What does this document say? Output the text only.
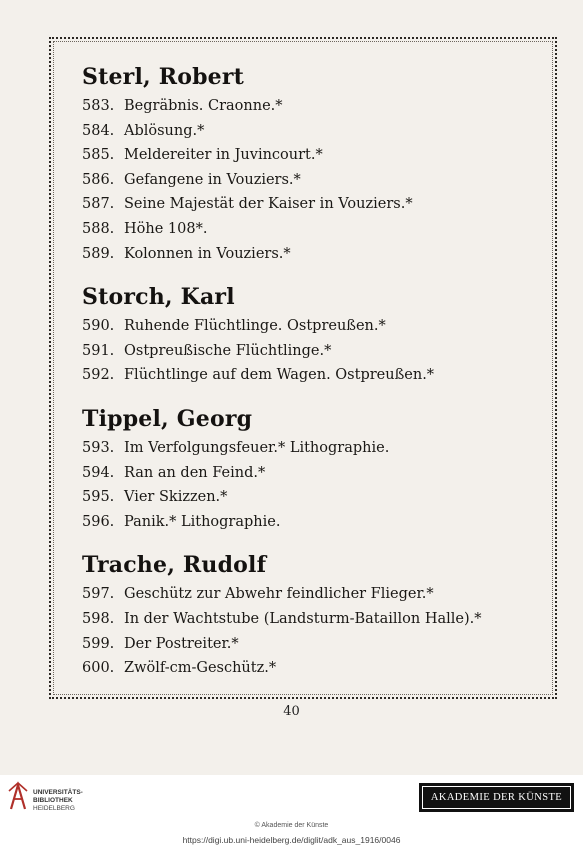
Sterl, Robert
583. Begräbnis. Craonne.*
584. Ablösung.*
585. Meldereiter in Juvincourt.*
586. Gefangene in Vouziers.*
587. Seine Majestät der Kaiser in Vouziers.*
588. Höhe 108*.
589. Kolonnen in Vouziers.*
Storch, Karl
590. Ruhende Flüchtlinge. Ostpreußen.*
591. Ostpreußische Flüchtlinge.*
592. Flüchtlinge auf dem Wagen. Ostpreußen.*
Tippel, Georg
593. Im Verfolgungsfeuer.* Lithographie.
594. Ran an den Feind.*
595. Vier Skizzen.*
596. Panik.* Lithographie.
Trache, Rudolf
597. Geschütz zur Abwehr feindlicher Flieger.*
598. In der Wachtstube (Landsturm-Bataillon Halle).*
599. Der Postreiter.*
600. Zwölf-cm-Geschütz.*
40
UNIVERSITÄTS-
BIBLIOTHEK
HEIDELBERG
AKADEMIE DER KÜNSTE
© Akademie der Künste
https://digi.ub.uni-heidelberg.de/diglit/adk_aus_1916/0046
